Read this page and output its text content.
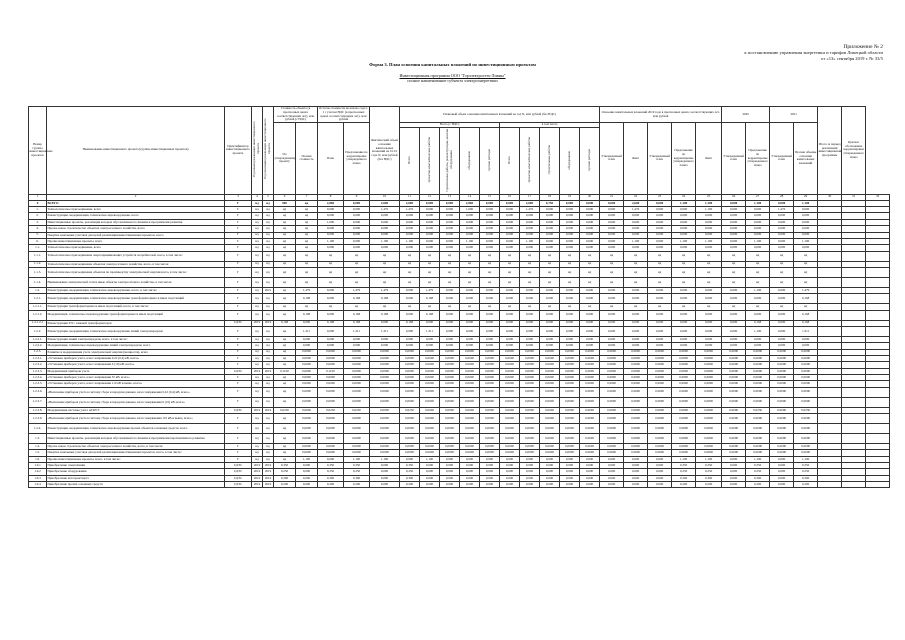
Приложение № 2
к постановлению управления энергетики и тарифов Липецкой области
от «13» сентября 2019 г. № 33/5
Форма 3. План освоения капитальных вложений по инвестиционным проектам
Инвестиционная программа ООО "Горэлектросеть-Ливны"
полное наименование субъекта электроэнергетики
Номер группы инвестиционных проектов	Наименование инвестиционного проекта (группы инвестиционных проектов)	Идентификатор инвестиционного проекта	Год начала реализации инвестиционного проекта	Год окончания реализации инвестиционного проекта	Стоимость объекта (в прогнозных ценах соответствующих лет), млн рублей (с НДС)		Остаток стоимости на начало года t-1 с учетом НДС (в прогнозных ценах соответствующих лет), млн рублей		Фактический объем освоения капитальных вложений на 01.01 года N, млн рублей (без НДС)	Плановый объем освоения капитальных вложений на год N, млн рублей (без НДС)										Освоение капитальных вложений 2019 года в прогнозных ценах соответствующих лет, млн рублей					2020		2021		Итого за период реализации инвестиционной программы	Краткое обоснование корректировки утвержденного плана	
					По утвержденному проекту	Полная стоимость	План	Предложение по корректировке утвержденного плана		Всего (с НДС)					в том числе					Утвержденный план	Факт	Утвержденный план	Предложение по корректировке утвержденного плана	Факт	Утвержденный план	Предложение по корректировке утвержденного плана	Утвержденный план	Прочие объемы освоения капитальных вложений			
										Всего	проектно-изыскательские работы	строительные работы, реконструкция, монтаж оборудования	оборудование	прочие расходы	Всего	проектно-изыскательские работы	строительные работы	оборудование	прочие расходы												
1	2	3	4	5	6	7	8	9	10	11	12	13	14	15	16	17	18	19	20	21	22	23	24	25	26	27	28	29	30	31	32
0	ВСЕГО	Г	нд	нд	969	нд	2,860	0,000	2,600	2,600	0,000	0,000	2,860	0,000	0,000	2,600	0,750	0,000	0,000	0,000	2,600	0,000	1,100	1,100	0,000	1,100	0,000	1,100			
1.	Технологическое присоединение, всего	Г	нд	нд	нд	нд	0,000	0,000	1,476	1,476	0,000	0,000	1,600	0,000	0,000	1,476	0,000	0,000	0,000	0,000	1,476	0,000	0,000	1,100	0,000	0,000	1,476	0,000			
2.	Реконструкция, модернизация, техническое перевооружение, всего	Г	нд	нд	нд	нд	0,000	0,000	0,000	0,000	0,000	0,000	0,000	0,000	0,000	0,000	0,000	0,000	0,000	0,000	0,000	0,000	0,000	0,000	0,000	0,000	0,000	0,000			
3.	Инвестиционные проекты, реализация которых обусловливается схемами и программами развития	Г	нд	нд	нд	нд	1,000	0,000	0,600	0,600	0,000	0,000	0,600	0,000	0,000	0,600	0,000	0,000	0,000	0,000	0,600	0,000	0,000	0,000	0,000	0,000	0,600	0,000			
4.	Прочее новое строительство объектов электросетевого хозяйства, всего	Г	нд	нд	нд	нд	0,000	0,000	0,000	0,000	0,000	0,000	0,000	0,000	0,000	0,000	0,000	0,000	0,000	0,000	0,000	0,000	0,000	0,000	0,000	0,000	0,000	0,000			
5.	Покупка земельных участков для целей реализации инвестиционных проектов, всего	Г	нд	нд	нд	нд	0,000	0,000	0,000	0,000	0,000	0,000	0,000	0,000	0,000	0,000	0,000	0,000	0,000	0,000	0,000	0,000	0,000	0,000	0,000	0,000	0,000	0,000			
6.	Прочие инвестиционные проекты, всего	Г	нд	нд	нд	нд	1,100	0,000	1,100	1,100	0,000	0,000	1,100	0,000	0,000	1,100	0,000	0,000	0,000	0,000	1,100	0,000	1,100	1,100	0,000	1,100	0,000	1,100			
1.1.	Технологическое присоединение, всего	Г	нд	нд	нд	нд	0,000	0,000	0,000	0,000	0,000	0,000	0,000	0,000	0,000	0,000	0,000	0,000	0,000	0,000	0,000	0,000	0,000	0,000	0,000	0,000	0,000	0,000			
1.1.1.	Технологическое присоединение энергопринимающих устройств потребителей, всего, в том числе:	Г	нд	нд	нд	нд	нд	нд	нд	нд	нд	нд	нд	нд	нд	нд	нд	нд	нд	нд	нд	нд	нд	нд	нд	нд	нд	нд			
1.1.2.	Технологическое присоединение объектов электросетевого хозяйства, всего, в том числе:	Г	нд	нд	нд	нд	нд	нд	нд	нд	нд	нд	нд	нд	нд	нд	нд	нд	нд	нд	нд	нд	нд	нд	нд	нд	нд	нд			
1.1.3.	Технологическое присоединение объектов по производству электрической энергии всего, в том числе:	Г	нд	нд	нд	нд	нд	нд	нд	нд	нд	нд	нд	нд	нд	нд	нд	нд	нд	нд	нд	нд	нд	нд	нд	нд	нд	нд			
1.1.4.	Наименование электрической сети и иные объекты электросетевого хозяйства, в том числе:	Г	нд	нд	нд	нд	нд	нд	нд	нд	нд	нд	нд	нд	нд	нд	нд	нд	нд	нд	нд	нд	нд	нд	нд	нд	нд	нд			
1.2.	Реконструкция, модернизация, техническое перевооружение, всего, в том числе:	Г	нд	2021	нд	1,479	0,000	1,479	1,479	0,000	1,479	0,000	0,000	0,000	0,000	0,000	0,000	0,000	0,000	0,000	0,000	0,000	0,000	0,000	0,000	1,100	0,000	1,479			
1.2.1.	Реконструкция, модернизация, техническое перевооружение трансформаторных и иных подстанций	Г	нд	нд	нд	0,168	0,000	0,168	0,168	0,000	0,168	0,000	0,000	0,000	0,000	0,000	0,000	0,000	0,000	0,000	0,000	0,000	0,000	0,000	0,000	0,000	0,000	0,168			
1.2.1.1.	Реконструкция трансформаторных и иных подстанций, всего, в том числе:	Г	нд	нд	нд	нд	нд	нд	нд	нд	нд	нд	нд	нд	нд	нд	нд	нд	нд	нд	нд	нд	нд	нд	нд	нд	нд	нд			
1.2.1.2.	Модернизация, техническое перевооружение трансформаторных и иных подстанций	Г	нд	нд	нд	0,168	0,000	0,168	0,168	0,000	0,168	0,000	0,000	0,000	0,000	0,000	0,000	0,000	0,000	0,000	0,000	0,000	0,000	0,000	0,000	0,000	0,000	0,168			
1.2.1.2.1	Реконструкция ТП с заменой трансформаторов	I/ДЭС	2019	2019	0,168	0,000	0,168	0,168	0,000	0,168	0,000	0,000	0,000	0,000	0,000	0,000	0,000	0,000	0,000	0,000	0,000	0,000	0,000	0,000	0,000	0,168	0,000	0,168			
1.2.2.	Реконструкция, модернизация, техническое перевооружение линий электропередачи	Г	нд	нд	нд	1,311	0,000	1,311	1,311	0,000	1,311	0,000	0,000	0,000	0,000	0,000	0,000	0,000	0,000	0,000	0,000	0,000	0,000	0,000	0,000	1,100	0,000	1,311			
1.2.2.1.	Реконструкция линий электропередачи, всего, в том числе:	Г	нд	нд	нд	0,000	0,000	0,000	0,000	0,000	0,000	0,000	0,000	0,000	0,000	0,000	0,000	0,000	0,000	0,000	0,000	0,000	0,000	0,000	0,000	0,000	0,000	0,000			
1.2.2.2.	Модернизация, техническое перевооружение линий электропередачи, всего	Г	нд	нд	нд	0,000	0,000	0,000	0,000	0,000	0,000	0,000	0,000	0,000	0,000	0,000	0,000	0,000	0,000	0,000	0,000	0,000	0,000	0,000	0,000	0,000	0,000	0,000			
1.2.3.	Развитие и модернизация учета электрической энергии (мощности), всего	Г	нд	нд	нд	0,0000	0,0000	0,0000	0,0000	0,0000	0,0000	0,0000	0,0000	0,0000	0,0000	0,0000	0,0000	0,0000	0,0000	0,0000	0,0000	0,0000	0,0000	0,0000	0,0000	0,0000	0,0000	0,0000			
1.2.3.1.	«Установка приборов учета, класс напряжения 0,22 (0,4) кВ, всего»	Г	нд	нд	нд	0,0000	0,0000	0,0000	0,0000	0,0000	0,0000	0,0000	0,0000	0,0000	0,0000	0,0000	0,0000	0,0000	0,0000	0,0000	0,0000	0,0000	0,0000	0,0000	0,0000	0,0000	0,0000	0,0000			
1.2.3.2.	«Установка приборов учета, класс напряжения 6 (10) кВ, всего»	Г	нд	нд	нд	0,0000	0,0000	0,0000	0,0000	0,0000	0,0000	0,0000	0,0000	0,0000	0,0000	0,0000	0,0000	0,0000	0,0000	0,0000	0,0000	0,0000	0,0000	0,0000	0,0000	0,0000	0,0000	0,0000			
1.2.3.3.	Модернизация приборов учета	I/ДЭС	2019	2019	0,1100	0,0000	0,1100	0,0000	0,0000	0,0000	0,0000	0,0000	0,0000	0,0000	0,0000	0,0000	0,0000	0,0000	0,0000	0,0000	0,0000	0,0000	0,0000	0,0000	0,0000	0,0000	0,0000	0,0000			
1.2.3.4.	«Установка приборов учета, класс напряжения 35 кВ, всего»	Г	нд	нд	нд	0,0000	0,0000	0,0000	0,0000	0,0000	0,0000	0,0000	0,0000	0,0000	0,0000	0,0000	0,0000	0,0000	0,0000	0,0000	0,0000	0,0000	0,0000	0,0000	0,0000	0,0000	0,0000	0,0000			
1.2.3.5.	«Установка приборов учета, класс напряжения 110 кВ и выше, всего»	Г	нд	нд	нд	0,0000	0,0000	0,0000	0,0000	0,0000	0,0000	0,0000	0,0000	0,0000	0,0000	0,0000	0,0000	0,0000	0,0000	0,0000	0,0000	0,0000	0,0000	0,0000	0,0000	0,0000	0,0000	0,0000			
1.2.3.6.	«Включение приборов учета в систему сбора и передачи данных, класс напряжения 0,22 (0,4) кВ, всего»	Г	нд	нд	нд	0,0000	0,0000	0,0000	0,0000	0,0000	0,0000	0,0000	0,0000	0,0000	0,0000	0,0000	0,0000	0,0000	0,0000	0,0000	0,0000	0,0000	0,0000	0,0000	0,0000	0,0000	0,0000	0,0000			
1.2.3.7.	«Включение приборов учета в систему сбора и передачи данных, класс напряжения 6 (10) кВ, всего»	Г	нд	нд	нд	0,0000	0,0000	0,0000	0,0000	0,0000	0,0000	0,0000	0,0000	0,0000	0,0000	0,0000	0,0000	0,0000	0,0000	0,0000	0,0000	0,0000	0,0000	0,0000	0,0000	0,0000	0,0000	0,0000			
1.2.3.8.	Модернизация системы учета АСКУЭ	I/ДЭС	2019	2019	0,0250	0,0000	0,0250	0,0250	0,0000	0,0250	0,0000	0,0000	0,0000	0,0000	0,0000	0,0000	0,0000	0,0000	0,0000	0,0000	0,0000	0,0000	0,0000	0,0000	0,0000	0,0250	0,0000	0,0250			
1.2.3.9.	«Включение приборов учета в систему сбора и передачи данных, класс напряжения 110 кВ и выше, всего»	Г	нд	нд	нд	0,0000	0,0000	0,0000	0,0000	0,0000	0,0000	0,0000	0,0000	0,0000	0,0000	0,0000	0,0000	0,0000	0,0000	0,0000	0,0000	0,0000	0,0000	0,0000	0,0000	0,0000	0,0000	0,0000			
1.2.4.	Реконструкция, модернизация, техническое перевооружение прочих объектов основных средств, всего	Г	нд	нд	нд	0,0000	0,0000	0,0000	0,0000	0,0000	0,0000	0,0000	0,0000	0,0000	0,0000	0,0000	0,0000	0,0000	0,0000	0,0000	0,0000	0,0000	0,0000	0,0000	0,0000	0,0000	0,0000	0,0000			
1.3.	Инвестиционные проекты, реализация которых обусловливается схемами и программами перспективного развития	Г	нд	нд	нд	0,0000	0,0000	0,0000	0,0000	0,0000	0,0000	0,0000	0,0000	0,0000	0,0000	0,0000	0,0000	0,0000	0,0000	0,0000	0,0000	0,0000	0,0000	0,0000	0,0000	0,0000	0,0000	0,0000			
1.4.	Прочее новое строительство объектов электросетевого хозяйства, всего, в том числе:	Г	нд	нд	нд	0,0000	0,0000	0,0000	0,0000	0,0000	0,0000	0,0000	0,0000	0,0000	0,0000	0,0000	0,0000	0,0000	0,0000	0,0000	0,0000	0,0000	0,0000	0,0000	0,0000	0,0000	0,0000	0,0000			
1.5.	Покупка земельных участков для целей реализации инвестиционных проектов, всего, в том числе:	Г	нд	нд	нд	0,0000	0,0000	0,0000	0,0000	0,0000	0,0000	0,0000	0,0000	0,0000	0,0000	0,0000	0,0000	0,0000	0,0000	0,0000	0,0000	0,0000	0,0000	0,0000	0,0000	0,0000	0,0000	0,0000			
1.6.	Прочие инвестиционные проекты, всего, в том числе:	Г	нд	нд	нд	1,100	0,000	1,100	1,100	0,000	1,100	0,000	0,000	0,000	0,000	0,000	0,000	0,000	0,000	0,000	0,000	0,000	1,100	1,100	0,000	1,100	0,000	1,100			
1.6.1	Приобретение спецтехники	I/ДЭС	2019	2019	0,350	0,000	0,350	0,350	0,000	0,350	0,000	0,000	0,000	0,000	0,000	0,000	0,000	0,000	0,000	0,000	0,000	0,000	0,350	0,350	0,000	0,350	0,000	0,350			
1.6.2	Приобретение оборудования	I/ДЭС	2019	2019	0,250	0,000	0,250	0,250	0,000	0,250	0,000	0,000	0,000	0,000	0,000	0,000	0,000	0,000	0,000	0,000	0,000	0,000	0,250	0,250	0,000	0,250	0,000	0,250			
1.6.3	Приобретение автотранспорта	I/ДЭС	2019	2019	0,300	0,000	0,300	0,300	0,000	0,300	0,000	0,000	0,000	0,000	0,000	0,000	0,000	0,000	0,000	0,000	0,000	0,000	0,300	0,300	0,000	0,300	0,000	0,300			
1.6.4	Приобретение прочих основных средств	I/ДЭС	2019	2019	0,200	0,000	0,200	0,200	0,000	0,200	0,000	0,000	0,000	0,000	0,000	0,000	0,000	0,000	0,000	0,000	0,000	0,000	0,200	0,200	0,000	0,200	0,000	0,200			
